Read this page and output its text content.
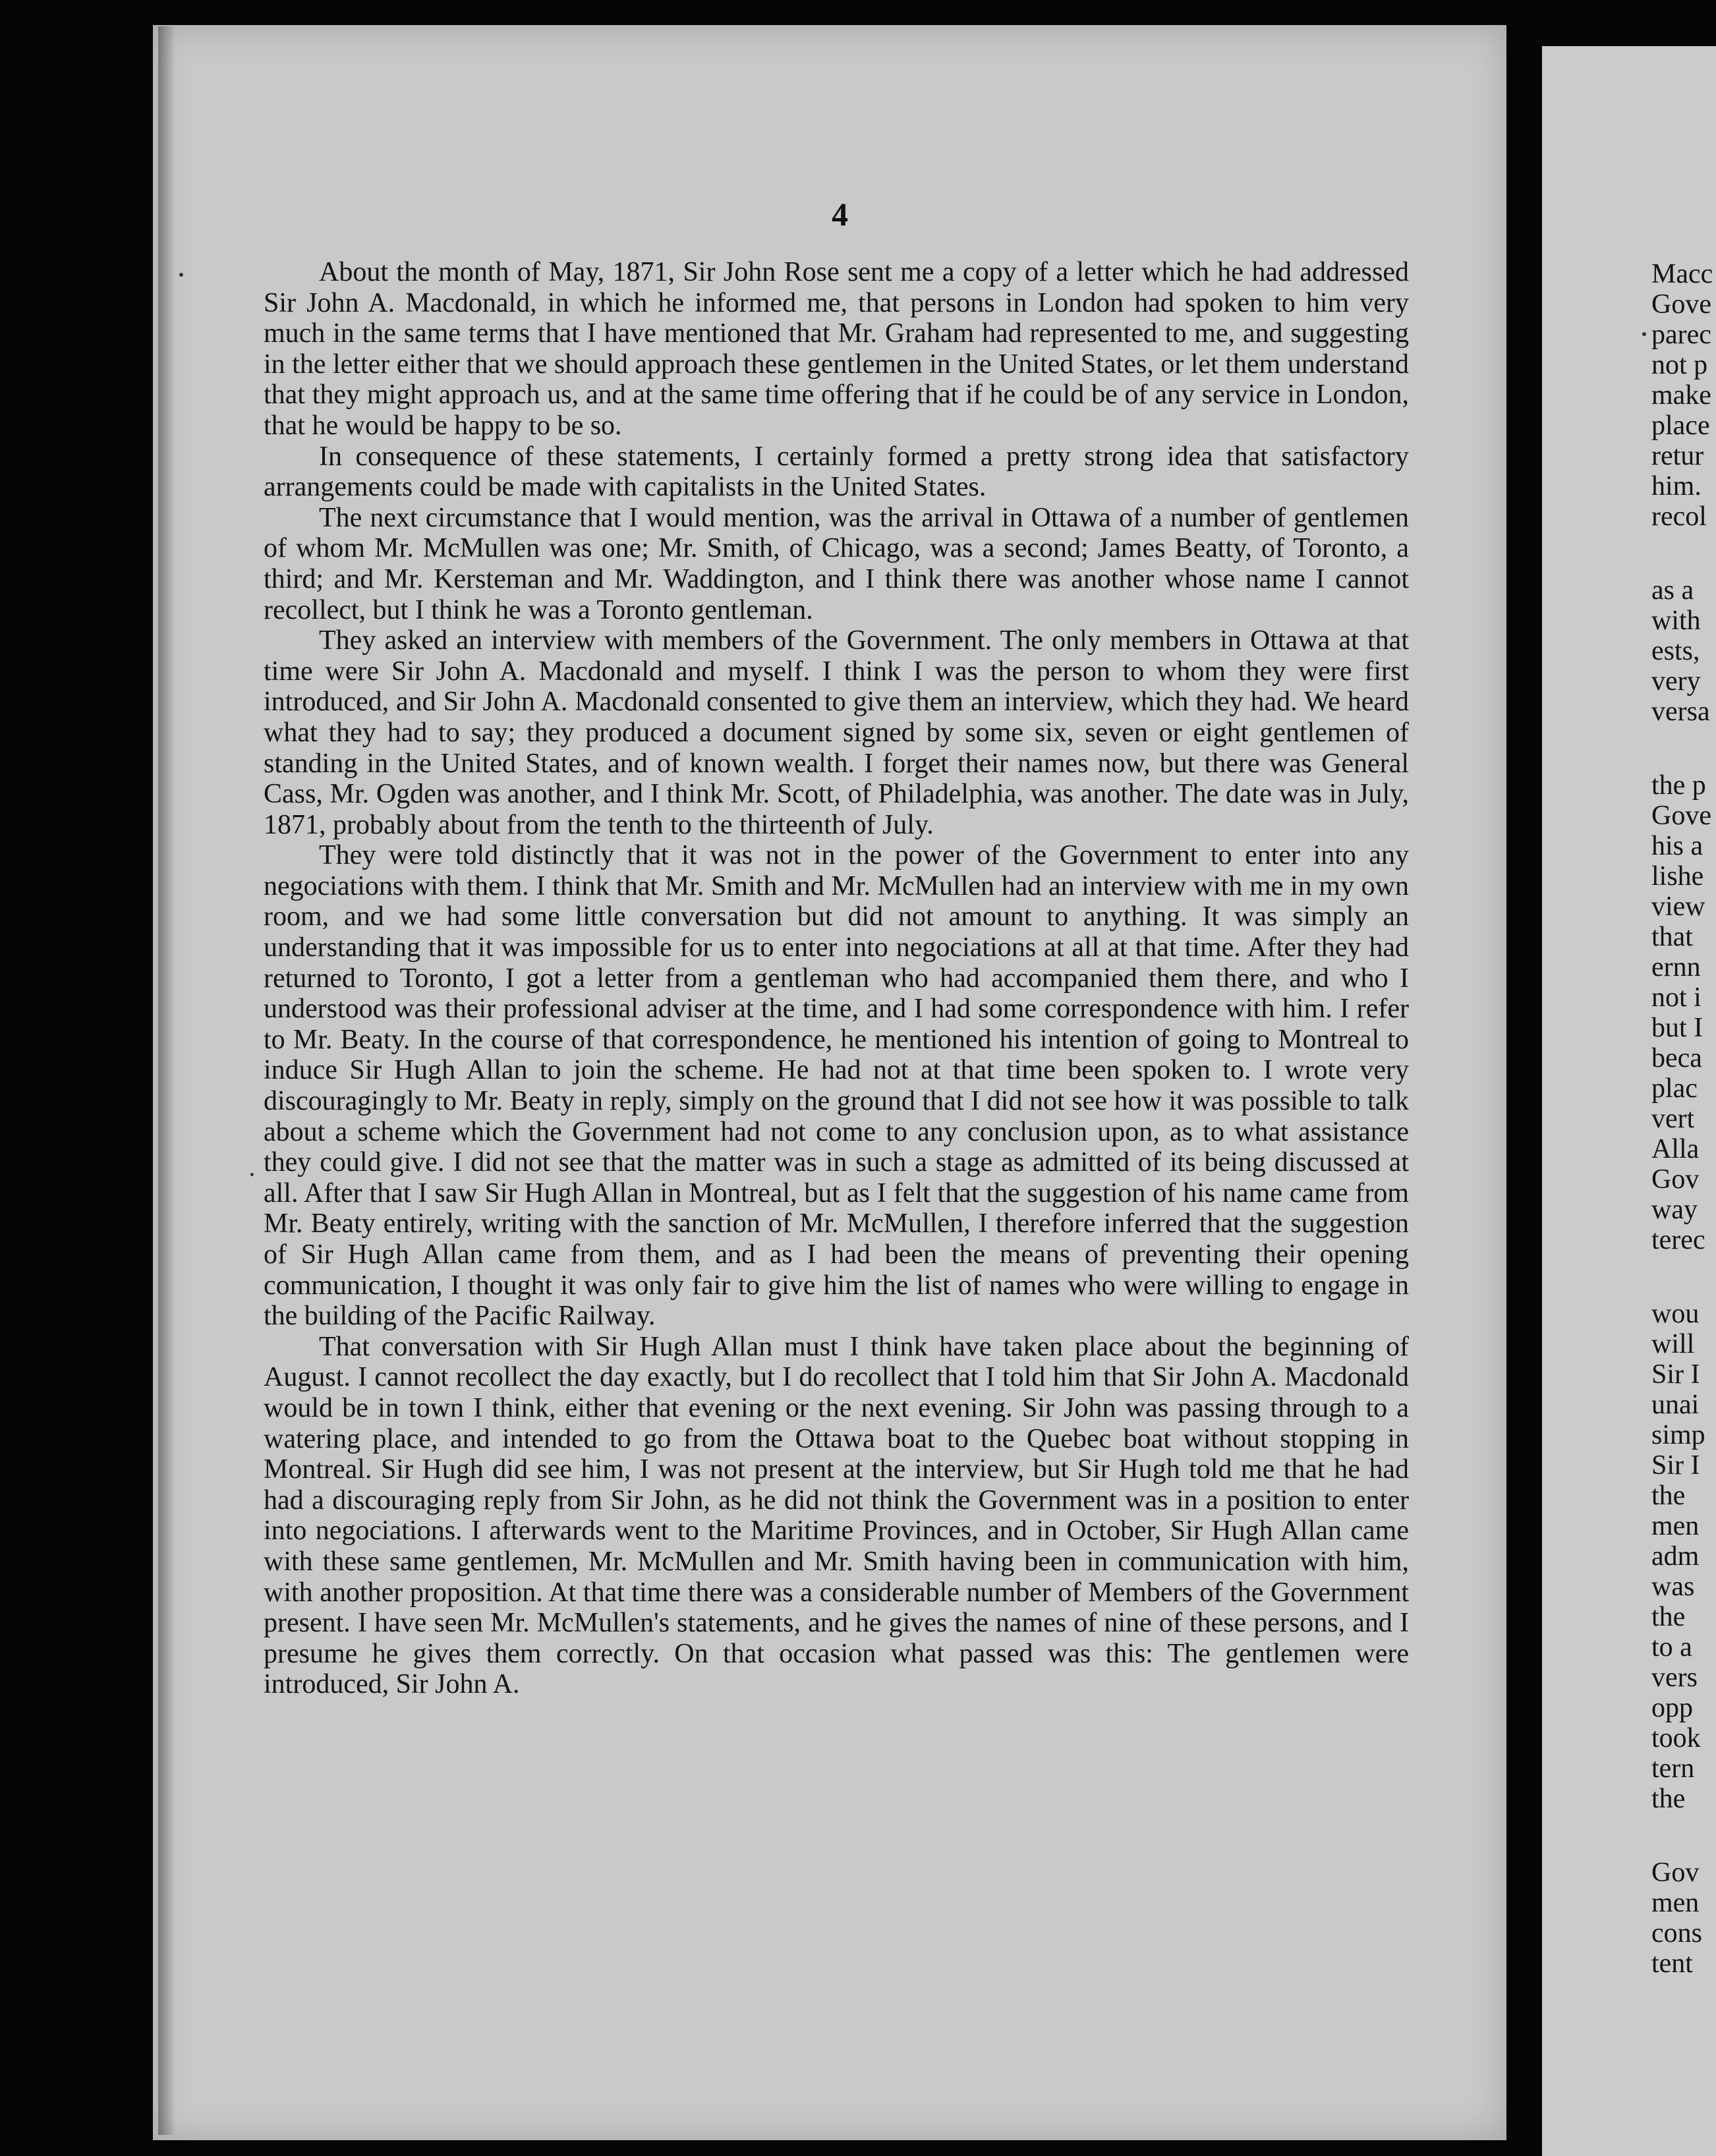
4

About the month of May, 1871, Sir John Rose sent me a copy of a letter which he had addressed Sir John A. Macdonald, in which he informed me, that persons in London had spoken to him very much in the same terms that I have mentioned that Mr. Graham had represented to me, and suggesting in the letter either that we should approach these gentlemen in the United States, or let them understand that they might approach us, and at the same time offering that if he could be of any service in London, that he would be happy to be so.

In consequence of these statements, I certainly formed a pretty strong idea that satisfactory arrangements could be made with capitalists in the United States.

The next circumstance that I would mention, was the arrival in Ottawa of a number of gentlemen of whom Mr. McMullen was one; Mr. Smith, of Chicago, was a second; James Beatty, of Toronto, a third; and Mr. Kersteman and Mr. Waddington, and I think there was another whose name I cannot recollect, but I think he was a Toronto gentleman.

They asked an interview with members of the Government. The only members in Ottawa at that time were Sir John A. Macdonald and myself. I think I was the person to whom they were first introduced, and Sir John A. Macdonald consented to give them an interview, which they had. We heard what they had to say; they produced a document signed by some six, seven or eight gentlemen of standing in the United States, and of known wealth. I forget their names now, but there was General Cass, Mr. Ogden was another, and I think Mr. Scott, of Philadelphia, was another. The date was in July, 1871, probably about from the tenth to the thirteenth of July.

They were told distinctly that it was not in the power of the Government to enter into any negociations with them. I think that Mr. Smith and Mr. McMullen had an interview with me in my own room, and we had some little conversation but did not amount to anything. It was simply an understanding that it was impossible for us to enter into negociations at all at that time. After they had returned to Toronto, I got a letter from a gentleman who had accompanied them there, and who I understood was their professional adviser at the time, and I had some correspondence with him. I refer to Mr. Beaty. In the course of that correspondence, he mentioned his intention of going to Montreal to induce Sir Hugh Allan to join the scheme. He had not at that time been spoken to. I wrote very discouragingly to Mr. Beaty in reply, simply on the ground that I did not see how it was possible to talk about a scheme which the Government had not come to any conclusion upon, as to what assistance they could give. I did not see that the matter was in such a stage as admitted of its being discussed at all. After that I saw Sir Hugh Allan in Montreal, but as I felt that the suggestion of his name came from Mr. Beaty entirely, writing with the sanction of Mr. McMullen, I therefore inferred that the suggestion of Sir Hugh Allan came from them, and as I had been the means of preventing their opening communication, I thought it was only fair to give him the list of names who were willing to engage in the building of the Pacific Railway.

That conversation with Sir Hugh Allan must I think have taken place about the beginning of August. I cannot recollect the day exactly, but I do recollect that I told him that Sir John A. Macdonald would be in town I think, either that evening or the next evening. Sir John was passing through to a watering place, and intended to go from the Ottawa boat to the Quebec boat without stopping in Montreal. Sir Hugh did see him, I was not present at the interview, but Sir Hugh told me that he had had a discouraging reply from Sir John, as he did not think the Government was in a position to enter into negociations. I afterwards went to the Maritime Provinces, and in October, Sir Hugh Allan came with these same gentlemen, Mr. McMullen and Mr. Smith having been in communication with him, with another proposition. At that time there was a considerable number of Members of the Government present. I have seen Mr. McMullen's statements, and he gives the names of nine of these persons, and I presume he gives them correctly. On that occasion what passed was this: The gentlemen were introduced, Sir John A.

Macc
Gove
parec
not p
make
place
retur
him.
recol
as a
with
ests,
very
versa
the p
Gove
his a
lishe
view
that
ernn
not i
but I
beca
plac
vert
Alla
Gov
way
terec
wou
will
Sir I
unai
simp
Sir I
the
men
adm
was
the
to a
vers
opp
took
tern
the
Gov
men
cons
tent
